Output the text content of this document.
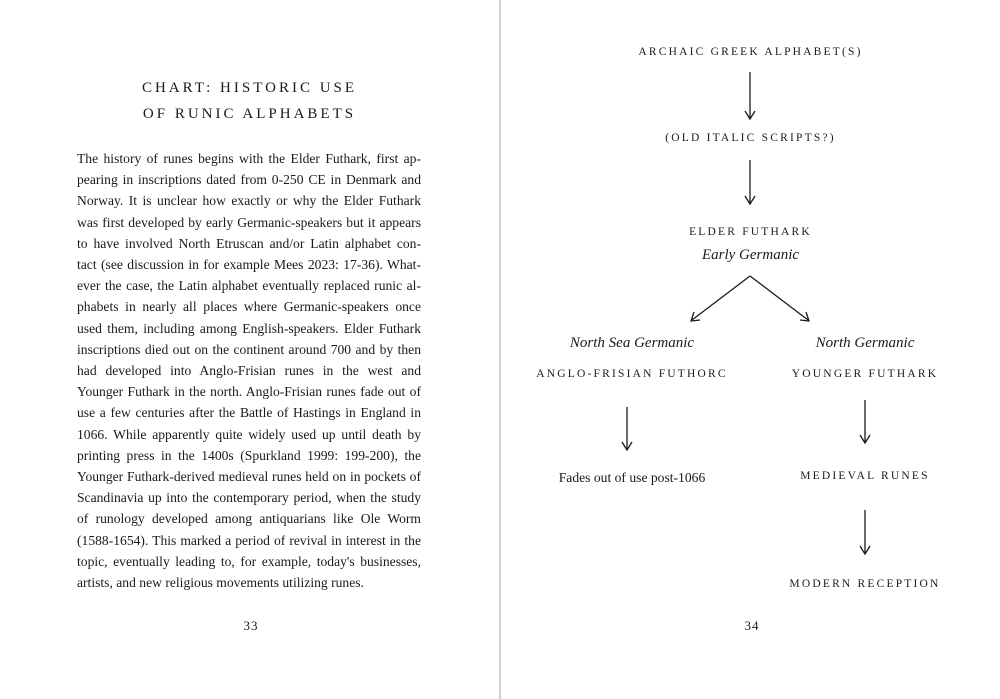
CHART: HISTORIC USE
OF RUNIC ALPHABETS
The history of runes begins with the Elder Futhark, first ap-
pearing in inscriptions dated from 0-250 CE in Denmark and
Norway. It is unclear how exactly or why the Elder Futhark
was first developed by early Germanic-speakers but it appears
to have involved North Etruscan and/or Latin alphabet con-
tact (see discussion in for example Mees 2023: 17-36). What-
ever the case, the Latin alphabet eventually replaced runic al-
phabets in nearly all places where Germanic-speakers once
used them, including among English-speakers. Elder Futhark
inscriptions died out on the continent around 700 and by then
had developed into Anglo-Frisian runes in the west and
Younger Futhark in the north. Anglo-Frisian runes fade out of
use a few centuries after the Battle of Hastings in England in
1066. While apparently quite widely used up until death by
printing press in the 1400s (Spurkland 1999: 199-200), the
Younger Futhark-derived medieval runes held on in pockets of
Scandinavia up into the contemporary period, when the study
of runology developed among antiquarians like Ole Worm
(1588-1654). This marked a period of revival in interest in the
topic, eventually leading to, for example, today's businesses,
artists, and new religious movements utilizing runes.
33
ARCHAIC GREEK ALPHABET(S)
(OLD ITALIC SCRIPTS?)
ELDER FUTHARK
Early Germanic
North Sea Germanic
ANGLO-FRISIAN FUTHORC
Fades out of use post-1066
North Germanic
YOUNGER FUTHARK
MEDIEVAL RUNES
MODERN RECEPTION
34
